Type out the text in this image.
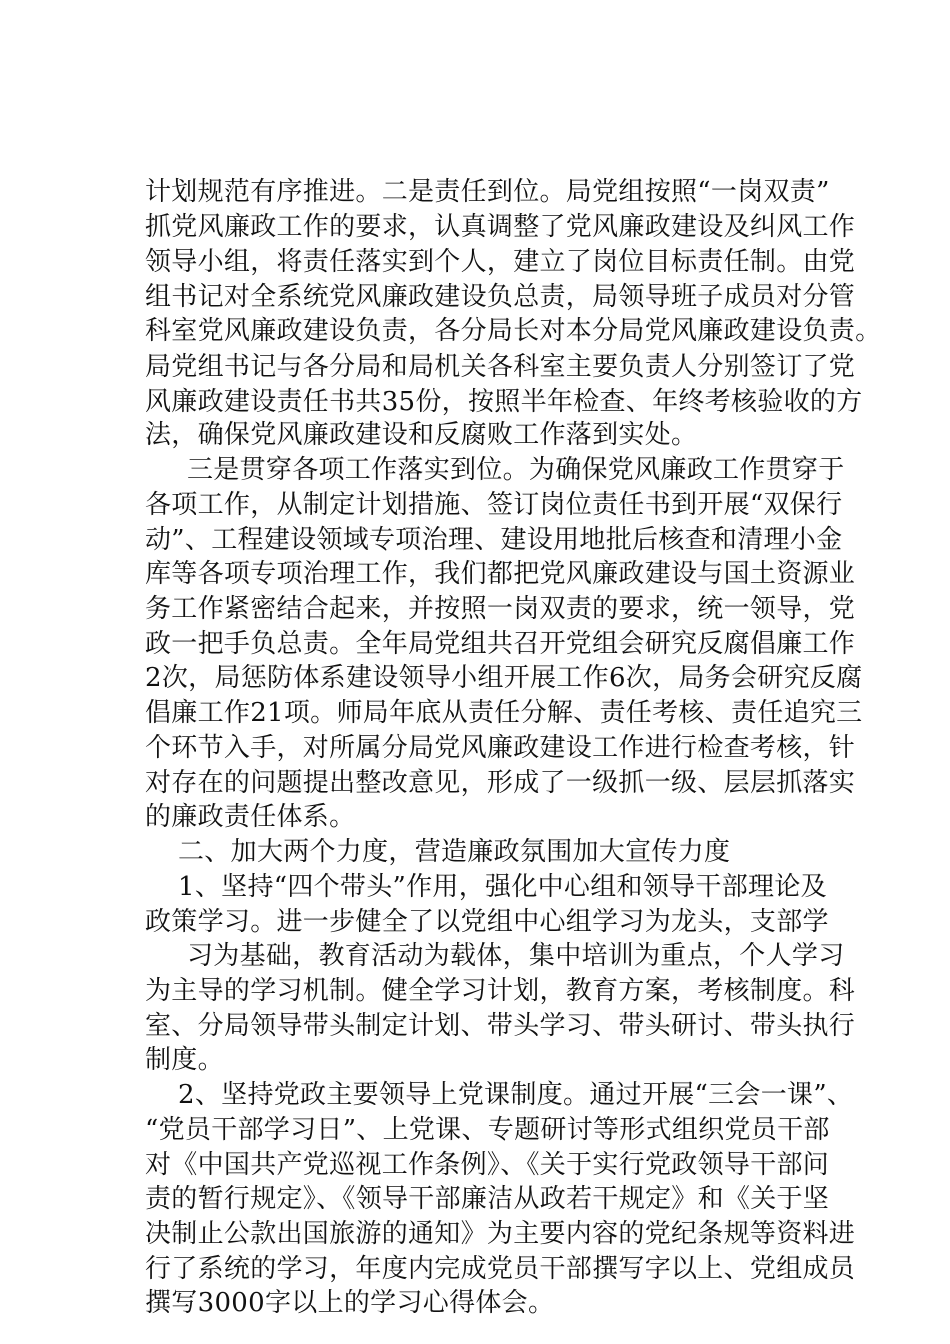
计划规范有序推进。二是责任到位。局党组按照“一岗双责”
抓党风廉政工作的要求，认真调整了党风廉政建设及纠风工作
领导小组，将责任落实到个人，建立了岗位目标责任制。由党
组书记对全系统党风廉政建设负总责，局领导班子成员对分管
科室党风廉政建设负责，各分局长对本分局党风廉政建设负责。
局党组书记与各分局和局机关各科室主要负责人分别签订了党
风廉政建设责任书共35份，按照半年检查、年终考核验收的方
法，确保党风廉政建设和反腐败工作落到实处。
三是贯穿各项工作落实到位。为确保党风廉政工作贯穿于
各项工作，从制定计划措施、签订岗位责任书到开展“双保行
动”、工程建设领域专项治理、建设用地批后核查和清理小金
库等各项专项治理工作，我们都把党风廉政建设与国土资源业
务工作紧密结合起来，并按照一岗双责的要求，统一领导，党
政一把手负总责。全年局党组共召开党组会研究反腐倡廉工作
2次，局惩防体系建设领导小组开展工作6次，局务会研究反腐
倡廉工作21项。师局年底从责任分解、责任考核、责任追究三
个环节入手，对所属分局党风廉政建设工作进行检查考核，针
对存在的问题提出整改意见，形成了一级抓一级、层层抓落实
的廉政责任体系。
二、加大两个力度，营造廉政氛围加大宣传力度
1、坚持“四个带头”作用，强化中心组和领导干部理论及
政策学习。进一步健全了以党组中心组学习为龙头，支部学
习为基础，教育活动为载体，集中培训为重点，个人学习
为主导的学习机制。健全学习计划，教育方案，考核制度。科
室、分局领导带头制定计划、带头学习、带头研讨、带头执行
制度。
2、坚持党政主要领导上党课制度。通过开展“三会一课”、
“党员干部学习日”、上党课、专题研讨等形式组织党员干部
对《中国共产党巡视工作条例》、《关于实行党政领导干部问
责的暂行规定》、《领导干部廉洁从政若干规定》和《关于坚
决制止公款出国旅游的通知》为主要内容的党纪条规等资料进
行了系统的学习，年度内完成党员干部撰写字以上、党组成员
撰写3000字以上的学习心得体会。
